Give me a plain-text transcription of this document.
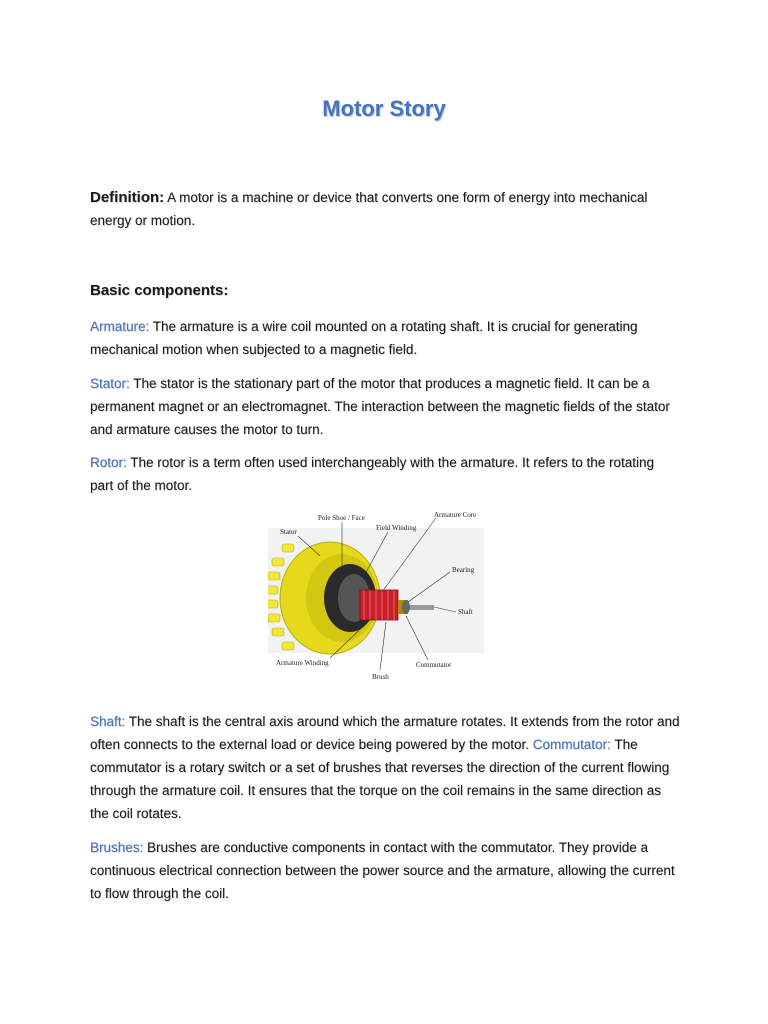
Motor Story
Definition: A motor is a machine or device that converts one form of energy into mechanical energy or motion.
Basic components:
Armature: The armature is a wire coil mounted on a rotating shaft. It is crucial for generating mechanical motion when subjected to a magnetic field.
Stator: The stator is the stationary part of the motor that produces a magnetic field. It can be a permanent magnet or an electromagnet. The interaction between the magnetic fields of the stator and armature causes the motor to turn.
Rotor: The rotor is a term often used interchangeably with the armature. It refers to the rotating part of the motor.
Pole Shoe / Face	Armature Core
Field Winding
Stator
Bearing
Shaft
Armature Winding	Commutator
Brush
Shaft: The shaft is the central axis around which the armature rotates. It extends from the rotor and often connects to the external load or device being powered by the motor. Commutator: The commutator is a rotary switch or a set of brushes that reverses the direction of the current flowing through the armature coil. It ensures that the torque on the coil remains in the same direction as the coil rotates.
Brushes: Brushes are conductive components in contact with the commutator. They provide a continuous electrical connection between the power source and the armature, allowing the current to flow through the coil.
